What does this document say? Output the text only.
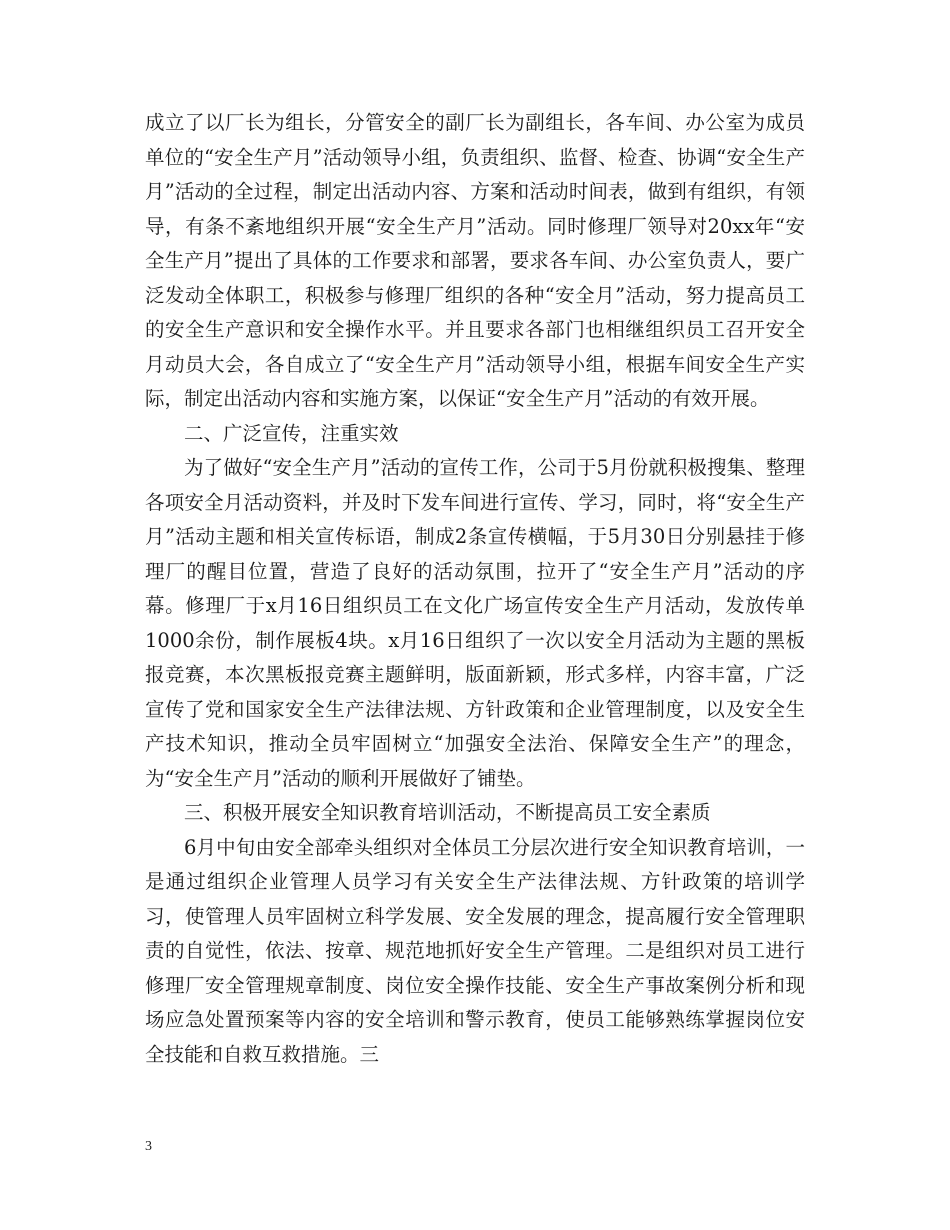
成立了以厂长为组长，分管安全的副厂长为副组长，各车间、办公室为成员单位的“安全生产月”活动领导小组，负责组织、监督、检查、协调“安全生产月”活动的全过程，制定出活动内容、方案和活动时间表，做到有组织，有领导，有条不紊地组织开展“安全生产月”活动。同时修理厂领导对20xx年“安全生产月”提出了具体的工作要求和部署，要求各车间、办公室负责人，要广泛发动全体职工，积极参与修理厂组织的各种“安全月”活动，努力提高员工的安全生产意识和安全操作水平。并且要求各部门也相继组织员工召开安全月动员大会，各自成立了“安全生产月”活动领导小组，根据车间安全生产实际，制定出活动内容和实施方案，以保证“安全生产月”活动的有效开展。

二、广泛宣传，注重实效

为了做好“安全生产月”活动的宣传工作，公司于5月份就积极搜集、整理各项安全月活动资料，并及时下发车间进行宣传、学习，同时，将“安全生产月”活动主题和相关宣传标语，制成2条宣传横幅，于5月30日分别悬挂于修理厂的醒目位置，营造了良好的活动氛围，拉开了“安全生产月”活动的序幕。修理厂于x月16日组织员工在文化广场宣传安全生产月活动，发放传单1000余份，制作展板4块。x月16日组织了一次以安全月活动为主题的黑板报竞赛，本次黑板报竞赛主题鲜明，版面新颖，形式多样，内容丰富，广泛宣传了党和国家安全生产法律法规、方针政策和企业管理制度，以及安全生产技术知识，推动全员牢固树立“加强安全法治、保障安全生产”的理念，为“安全生产月”活动的顺利开展做好了铺垫。

三、积极开展安全知识教育培训活动，不断提高员工安全素质

6月中旬由安全部牵头组织对全体员工分层次进行安全知识教育培训，一是通过组织企业管理人员学习有关安全生产法律法规、方针政策的培训学习，使管理人员牢固树立科学发展、安全发展的理念，提高履行安全管理职责的自觉性，依法、按章、规范地抓好安全生产管理。二是组织对员工进行修理厂安全管理规章制度、岗位安全操作技能、安全生产事故案例分析和现场应急处置预案等内容的安全培训和警示教育，使员工能够熟练掌握岗位安全技能和自救互救措施。三

3
